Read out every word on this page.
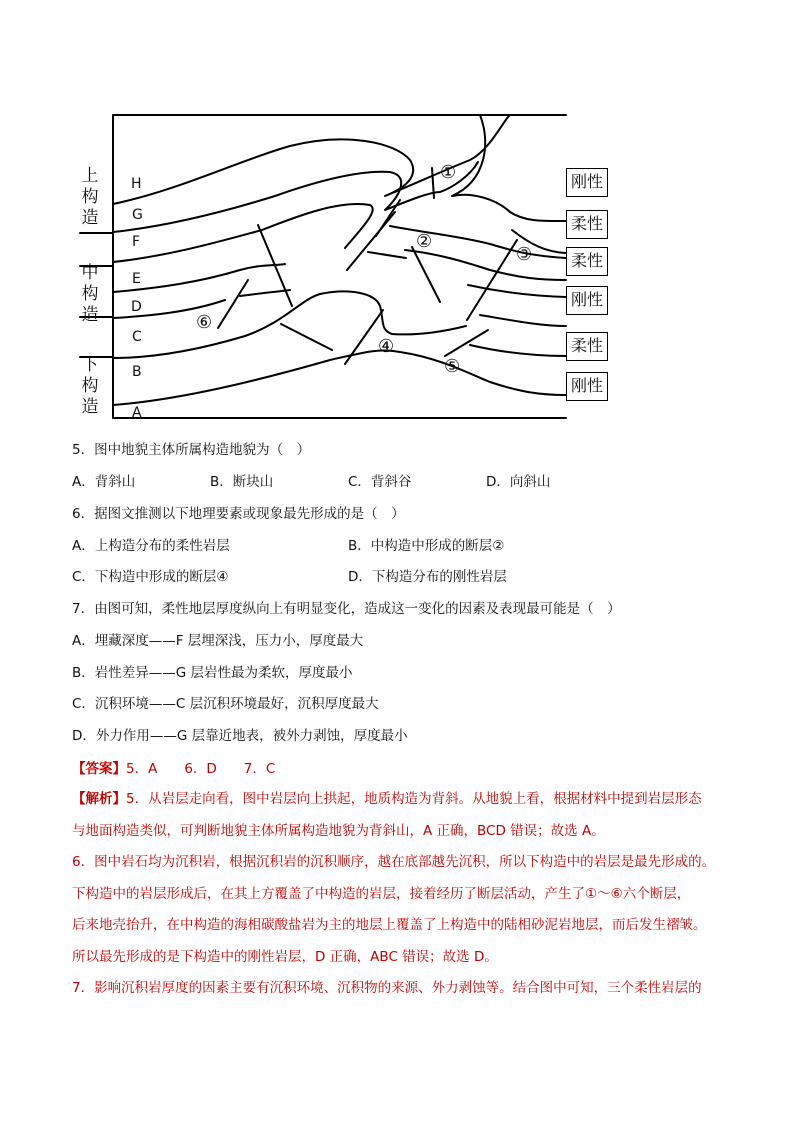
上
构
造
中
构
造
下
构
造
H
G
F
E
D
C
B
A
刚性
柔性
柔性
刚性
柔性
刚性
①
②
③
④
⑤
⑥
5．图中地貌主体所属构造地貌为（　）
A．背斜山	B．断块山	C．背斜谷	D．向斜山
6．据图文推测以下地理要素或现象最先形成的是（　）
A．上构造分布的柔性岩层	B．中构造中形成的断层②
C．下构造中形成的断层④	D．下构造分布的刚性岩层
7．由图可知，柔性地层厚度纵向上有明显变化，造成这一变化的因素及表现最可能是（　）
A．埋藏深度——F 层埋深浅，压力小，厚度最大
B．岩性差异——G 层岩性最为柔软，厚度最小
C．沉积环境——C 层沉积环境最好，沉积厚度最大
D．外力作用——G 层靠近地表，被外力剥蚀，厚度最小
【答案】5．A　　6．D　　7．C
【解析】5．从岩层走向看，图中岩层向上拱起，地质构造为背斜。从地貌上看，根据材料中提到岩层形态
与地面构造类似，可判断地貌主体所属构造地貌为背斜山，A 正确，BCD 错误；故选 A。
6．图中岩石均为沉积岩，根据沉积岩的沉积顺序，越在底部越先沉积，所以下构造中的岩层是最先形成的。
下构造中的岩层形成后，在其上方覆盖了中构造的岩层，接着经历了断层活动，产生了①～⑥六个断层，
后来地壳抬升，在中构造的海相碳酸盐岩为主的地层上覆盖了上构造中的陆相砂泥岩地层，而后发生褶皱。
所以最先形成的是下构造中的刚性岩层，D 正确，ABC 错误；故选 D。
7．影响沉积岩厚度的因素主要有沉积环境、沉积物的来源、外力剥蚀等。结合图中可知，三个柔性岩层的
